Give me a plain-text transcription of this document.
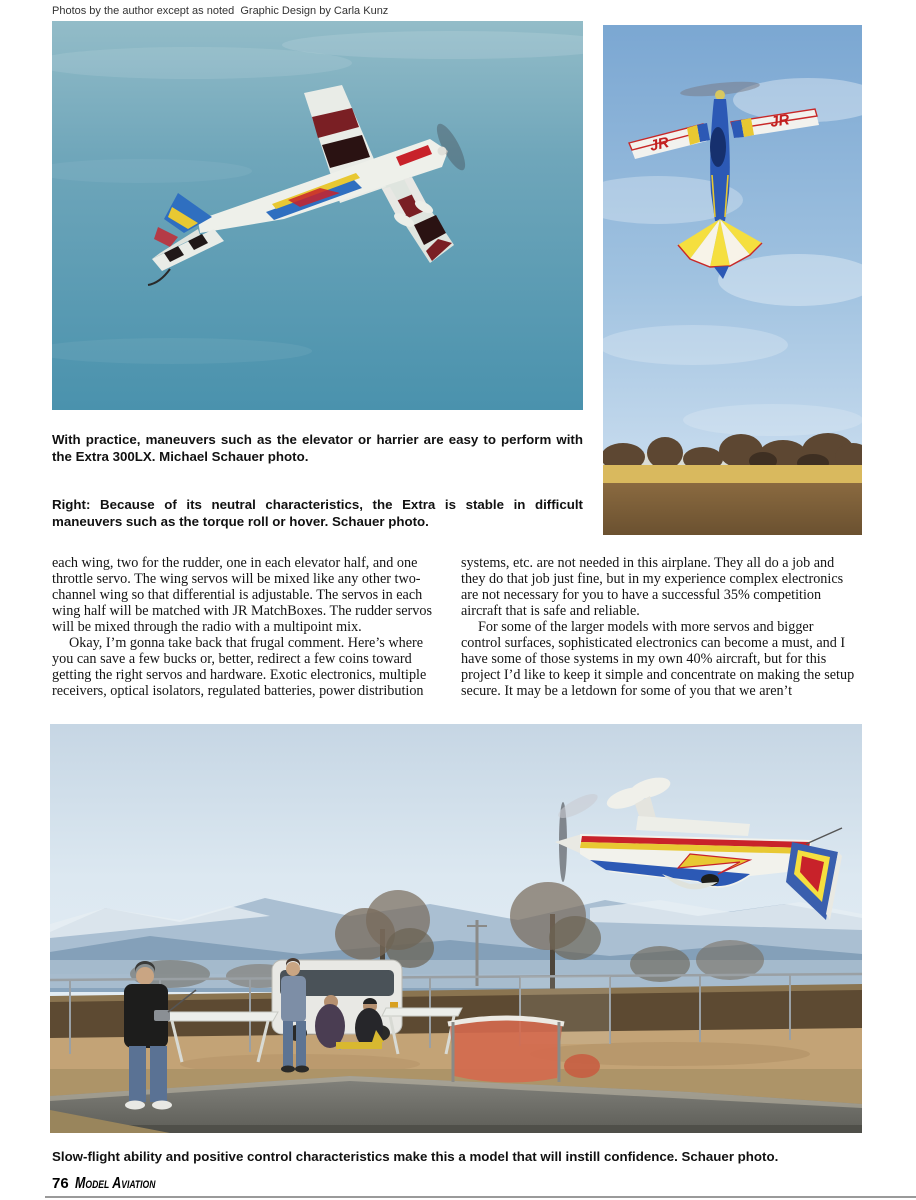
Photos by the author except as noted  Graphic Design by Carla Kunz
JR
JR
With practice, maneuvers such as the elevator or harrier are easy to perform with the Extra 300LX. Michael Schauer photo.
Right: Because of its neutral characteristics, the Extra is stable in difficult maneuvers such as the torque roll or hover. Schauer photo.

each wing, two for the rudder, one in each elevator half, and one throttle servo. The wing servos will be mixed like any other two-channel wing so that differential is adjustable. The servos in each wing half will be matched with JR MatchBoxes. The rudder servos will be mixed through the radio with a multipoint mix.

Okay, I’m gonna take back that frugal comment. Here’s where you can save a few bucks or, better, redirect a few coins toward getting the right servos and hardware. Exotic electronics, multiple receivers, optical isolators, regulated batteries, power distribution

systems, etc. are not needed in this airplane. They all do a job and they do that job just fine, but in my experience complex electronics are not necessary for you to have a successful 35% competition aircraft that is safe and reliable.

For some of the larger models with more servos and bigger control surfaces, sophisticated electronics can become a must, and I have some of those systems in my own 40% aircraft, but for this project I’d like to keep it simple and concentrate on making the setup secure. It may be a letdown for some of you that we aren’t

Slow-flight ability and positive control characteristics make this a model that will instill confidence. Schauer photo.
76 Model Aviation
